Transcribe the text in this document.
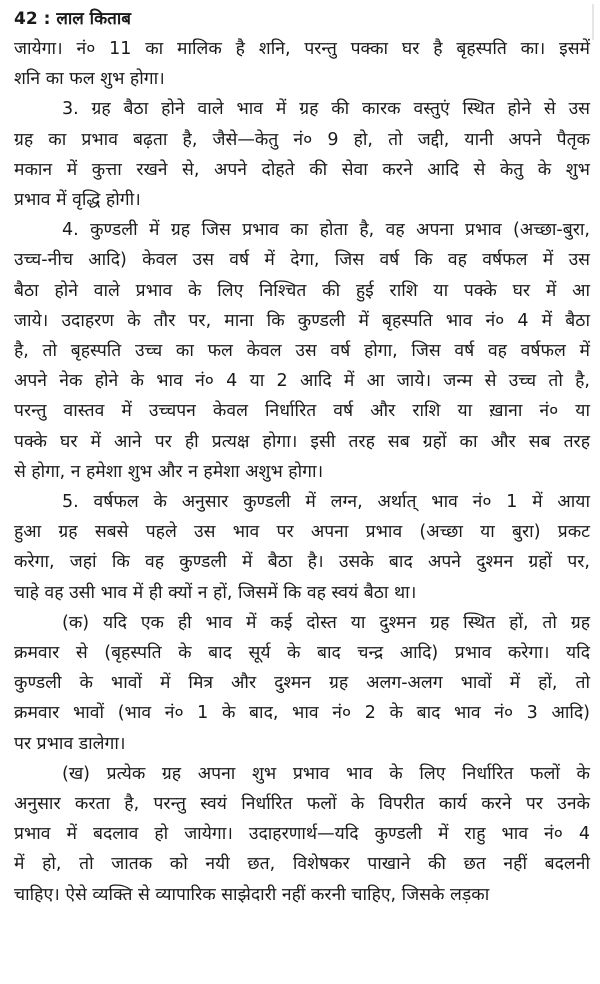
42 : लाल किताब
जायेगा। नं० 11 का मालिक है शनि, परन्तु पक्का घर है बृहस्पति का। इसमें
शनि का फल शुभ होगा।
3. ग्रह बैठा होने वाले भाव में ग्रह की कारक वस्तुएं स्थित होने से उस
ग्रह का प्रभाव बढ़ता है, जैसे—केतु नं० 9 हो, तो जद्दी, यानी अपने पैतृक
मकान में कुत्ता रखने से, अपने दोहते की सेवा करने आदि से केतु के शुभ
प्रभाव में वृद्धि होगी।
4. कुण्डली में ग्रह जिस प्रभाव का होता है, वह अपना प्रभाव (अच्छा-बुरा,
उच्च-नीच आदि) केवल उस वर्ष में देगा, जिस वर्ष कि वह वर्षफल में उस
बैठा होने वाले प्रभाव के लिए निश्चित की हुई राशि या पक्के घर में आ
जाये। उदाहरण के तौर पर, माना कि कुण्डली में बृहस्पति भाव नं० 4 में बैठा
है, तो बृहस्पति उच्च का फल केवल उस वर्ष होगा, जिस वर्ष वह वर्षफल में
अपने नेक होने के भाव नं० 4 या 2 आदि में आ जाये। जन्म से उच्च तो है,
परन्तु वास्तव में उच्चपन केवल निर्धारित वर्ष और राशि या ख़ाना नं० या
पक्के घर में आने पर ही प्रत्यक्ष होगा। इसी तरह सब ग्रहों का और सब तरह
से होगा, न हमेशा शुभ और न हमेशा अशुभ होगा।
5. वर्षफल के अनुसार कुण्डली में लग्न, अर्थात् भाव नं० 1 में आया
हुआ ग्रह सबसे पहले उस भाव पर अपना प्रभाव (अच्छा या बुरा) प्रकट
करेगा, जहां कि वह कुण्डली में बैठा है। उसके बाद अपने दुश्मन ग्रहों पर,
चाहे वह उसी भाव में ही क्यों न हों, जिसमें कि वह स्वयं बैठा था।
(क) यदि एक ही भाव में कई दोस्त या दुश्मन ग्रह स्थित हों, तो ग्रह
क्रमवार से (बृहस्पति के बाद सूर्य के बाद चन्द्र आदि) प्रभाव करेगा। यदि
कुण्डली के भावों में मित्र और दुश्मन ग्रह अलग-अलग भावों में हों, तो
क्रमवार भावों (भाव नं० 1 के बाद, भाव नं० 2 के बाद भाव नं० 3 आदि)
पर प्रभाव डालेगा।
(ख) प्रत्येक ग्रह अपना शुभ प्रभाव भाव के लिए निर्धारित फलों के
अनुसार करता है, परन्तु स्वयं निर्धारित फलों के विपरीत कार्य करने पर उनके
प्रभाव में बदलाव हो जायेगा। उदाहरणार्थ—यदि कुण्डली में राहु भाव नं० 4
में हो, तो जातक को नयी छत, विशेषकर पाखाने की छत नहीं बदलनी
चाहिए। ऐसे व्यक्ति से व्यापारिक साझेदारी नहीं करनी चाहिए, जिसके लड़का
